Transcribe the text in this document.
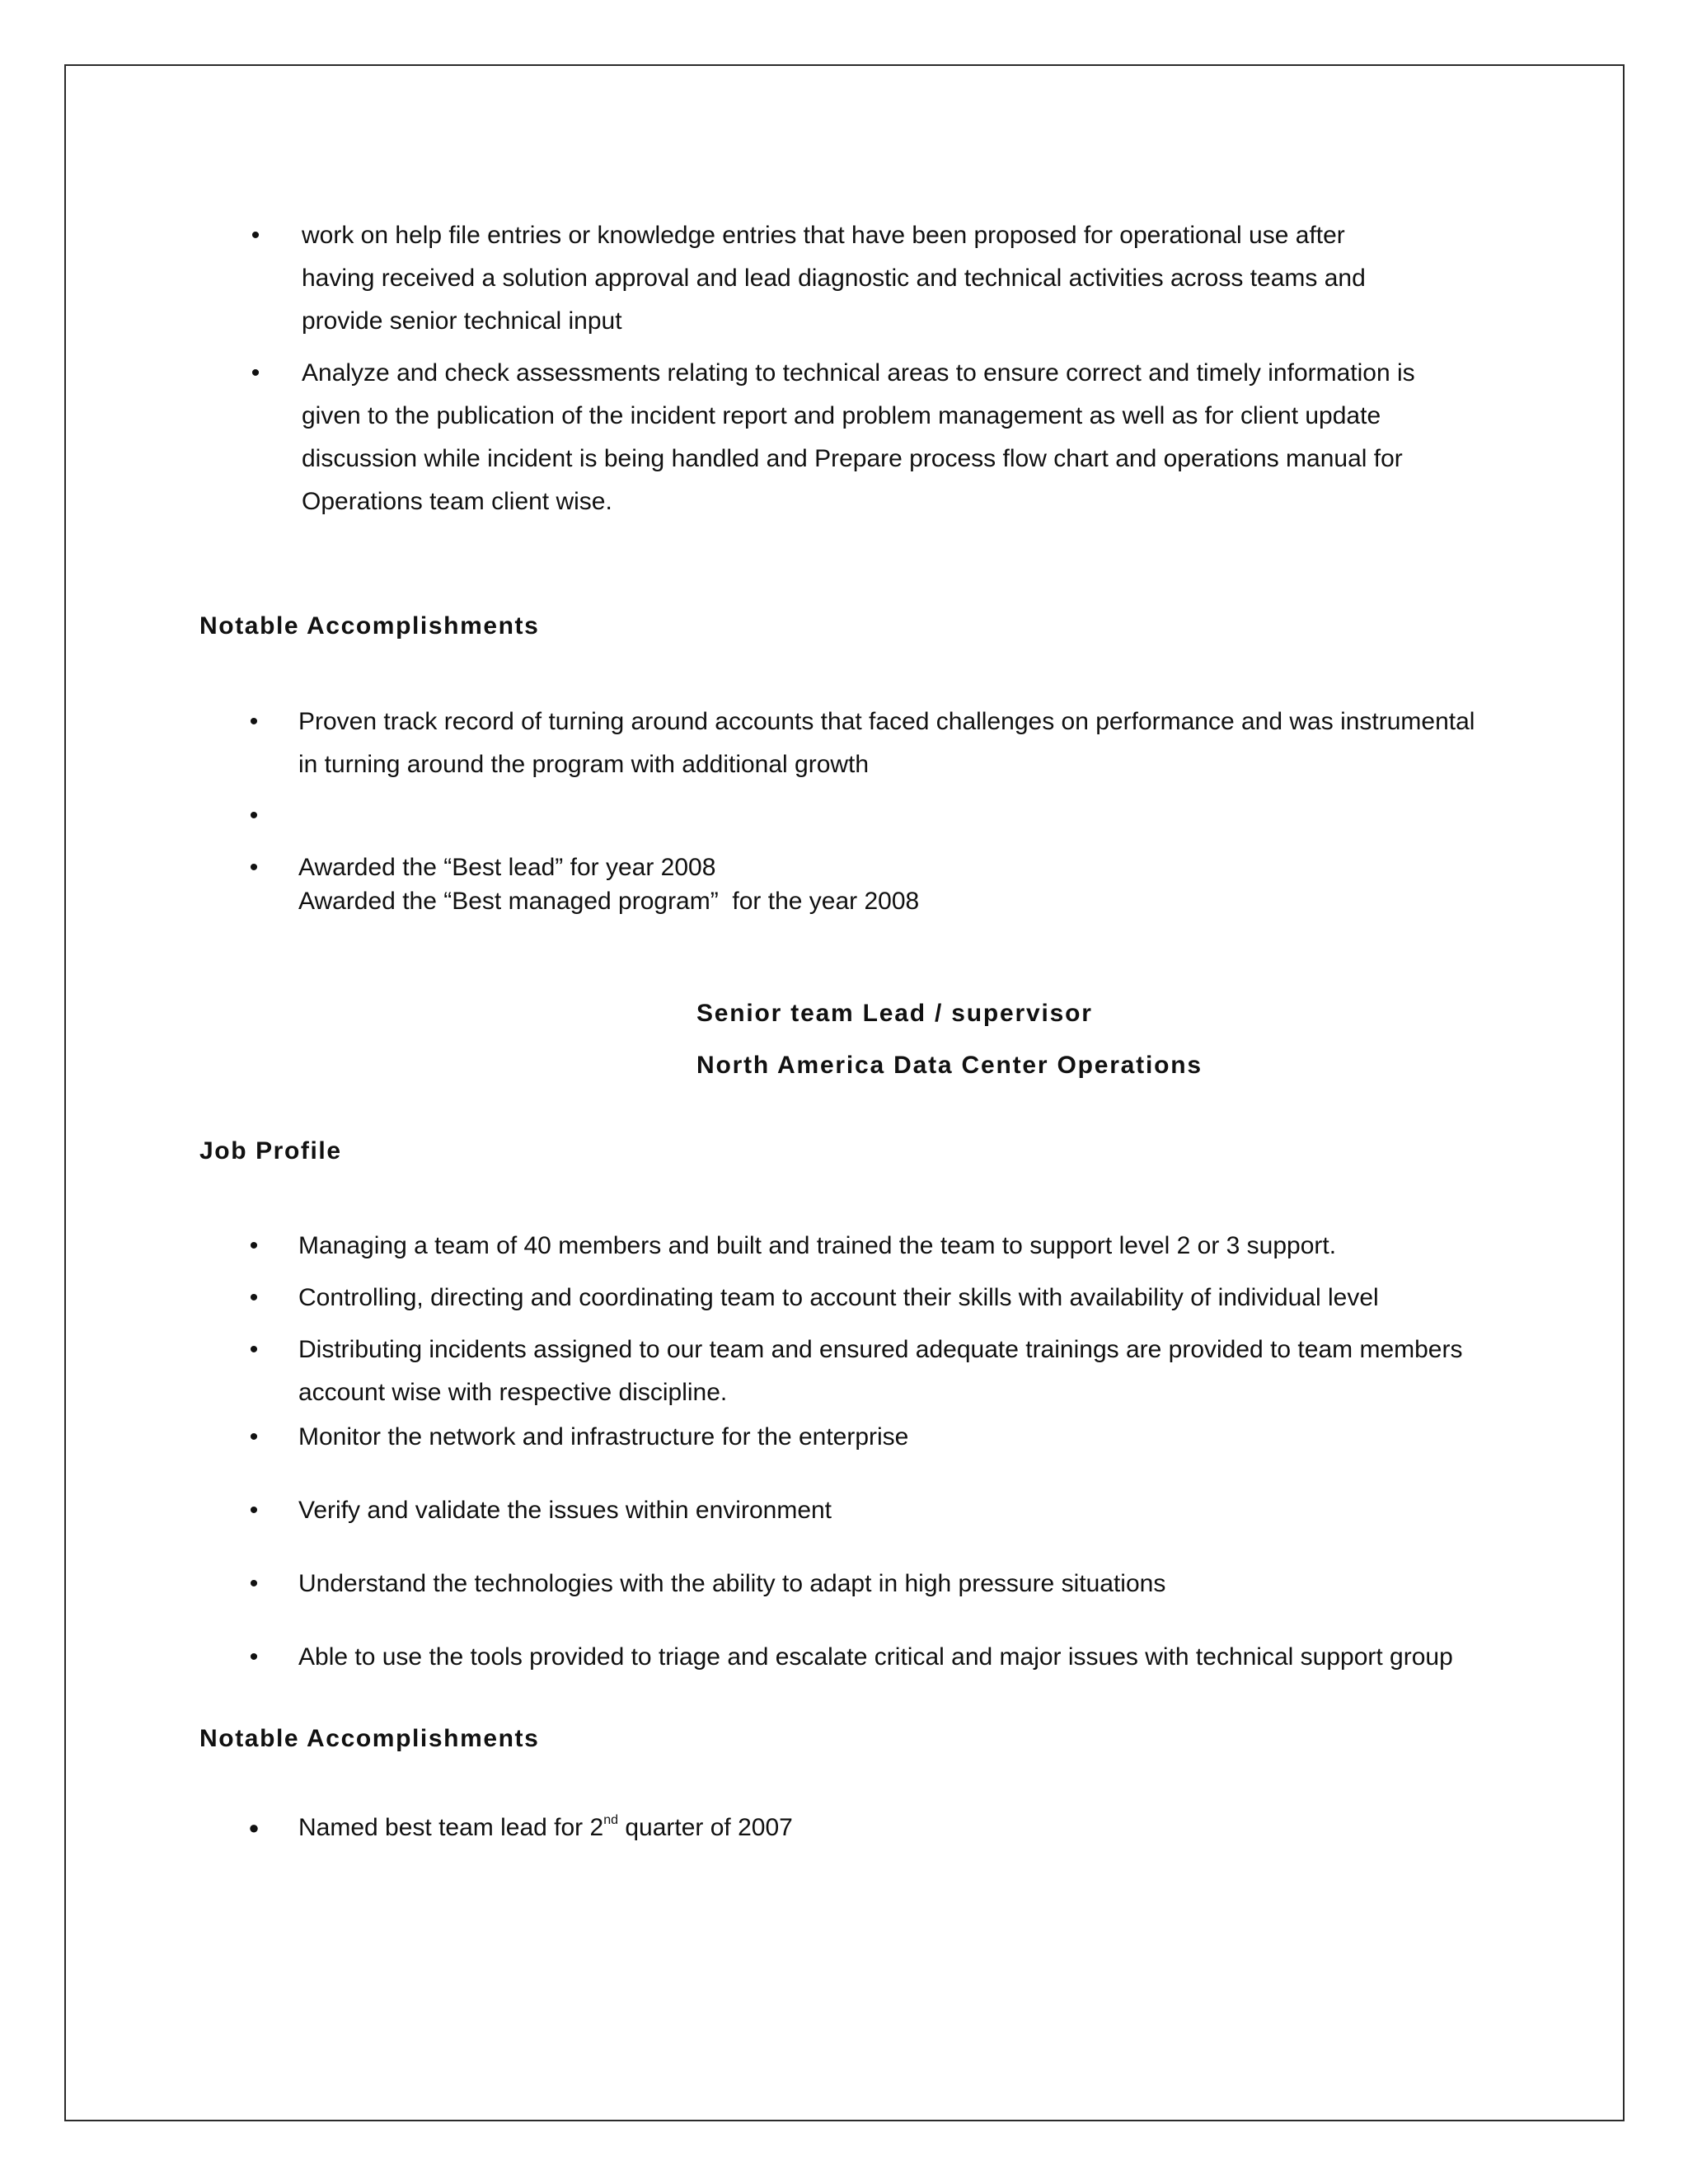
• work on help file entries or knowledge entries that have been proposed for operational use after
having received a solution approval and lead diagnostic and technical activities across teams and
provide senior technical input
• Analyze and check assessments relating to technical areas to ensure correct and timely information is
given to the publication of the incident report and problem management as well as for client update
discussion while incident is being handled and Prepare process flow chart and operations manual for
Operations team client wise.
Notable Accomplishments
• Proven track record of turning around accounts that faced challenges on performance and was instrumental
in turning around the program with additional growth
•

Awarded the “Best managed program”  for the year 2008

• Awarded the “Best lead” for year 2008
Senior team Lead / supervisor
North America Data Center Operations
Job Profile
• Managing a team of 40 members and built and trained the team to support level 2 or 3 support.
• Controlling, directing and coordinating team to account their skills with availability of individual level
• Distributing incidents assigned to our team and ensured adequate trainings are provided to team members
account wise with respective discipline.
• Monitor the network and infrastructure for the enterprise
• Verify and validate the issues within environment
• Understand the technologies with the ability to adapt in high pressure situations
• Able to use the tools provided to triage and escalate critical and major issues with technical support group
Notable Accomplishments
● Named best team lead for 2nd quarter of 2007
